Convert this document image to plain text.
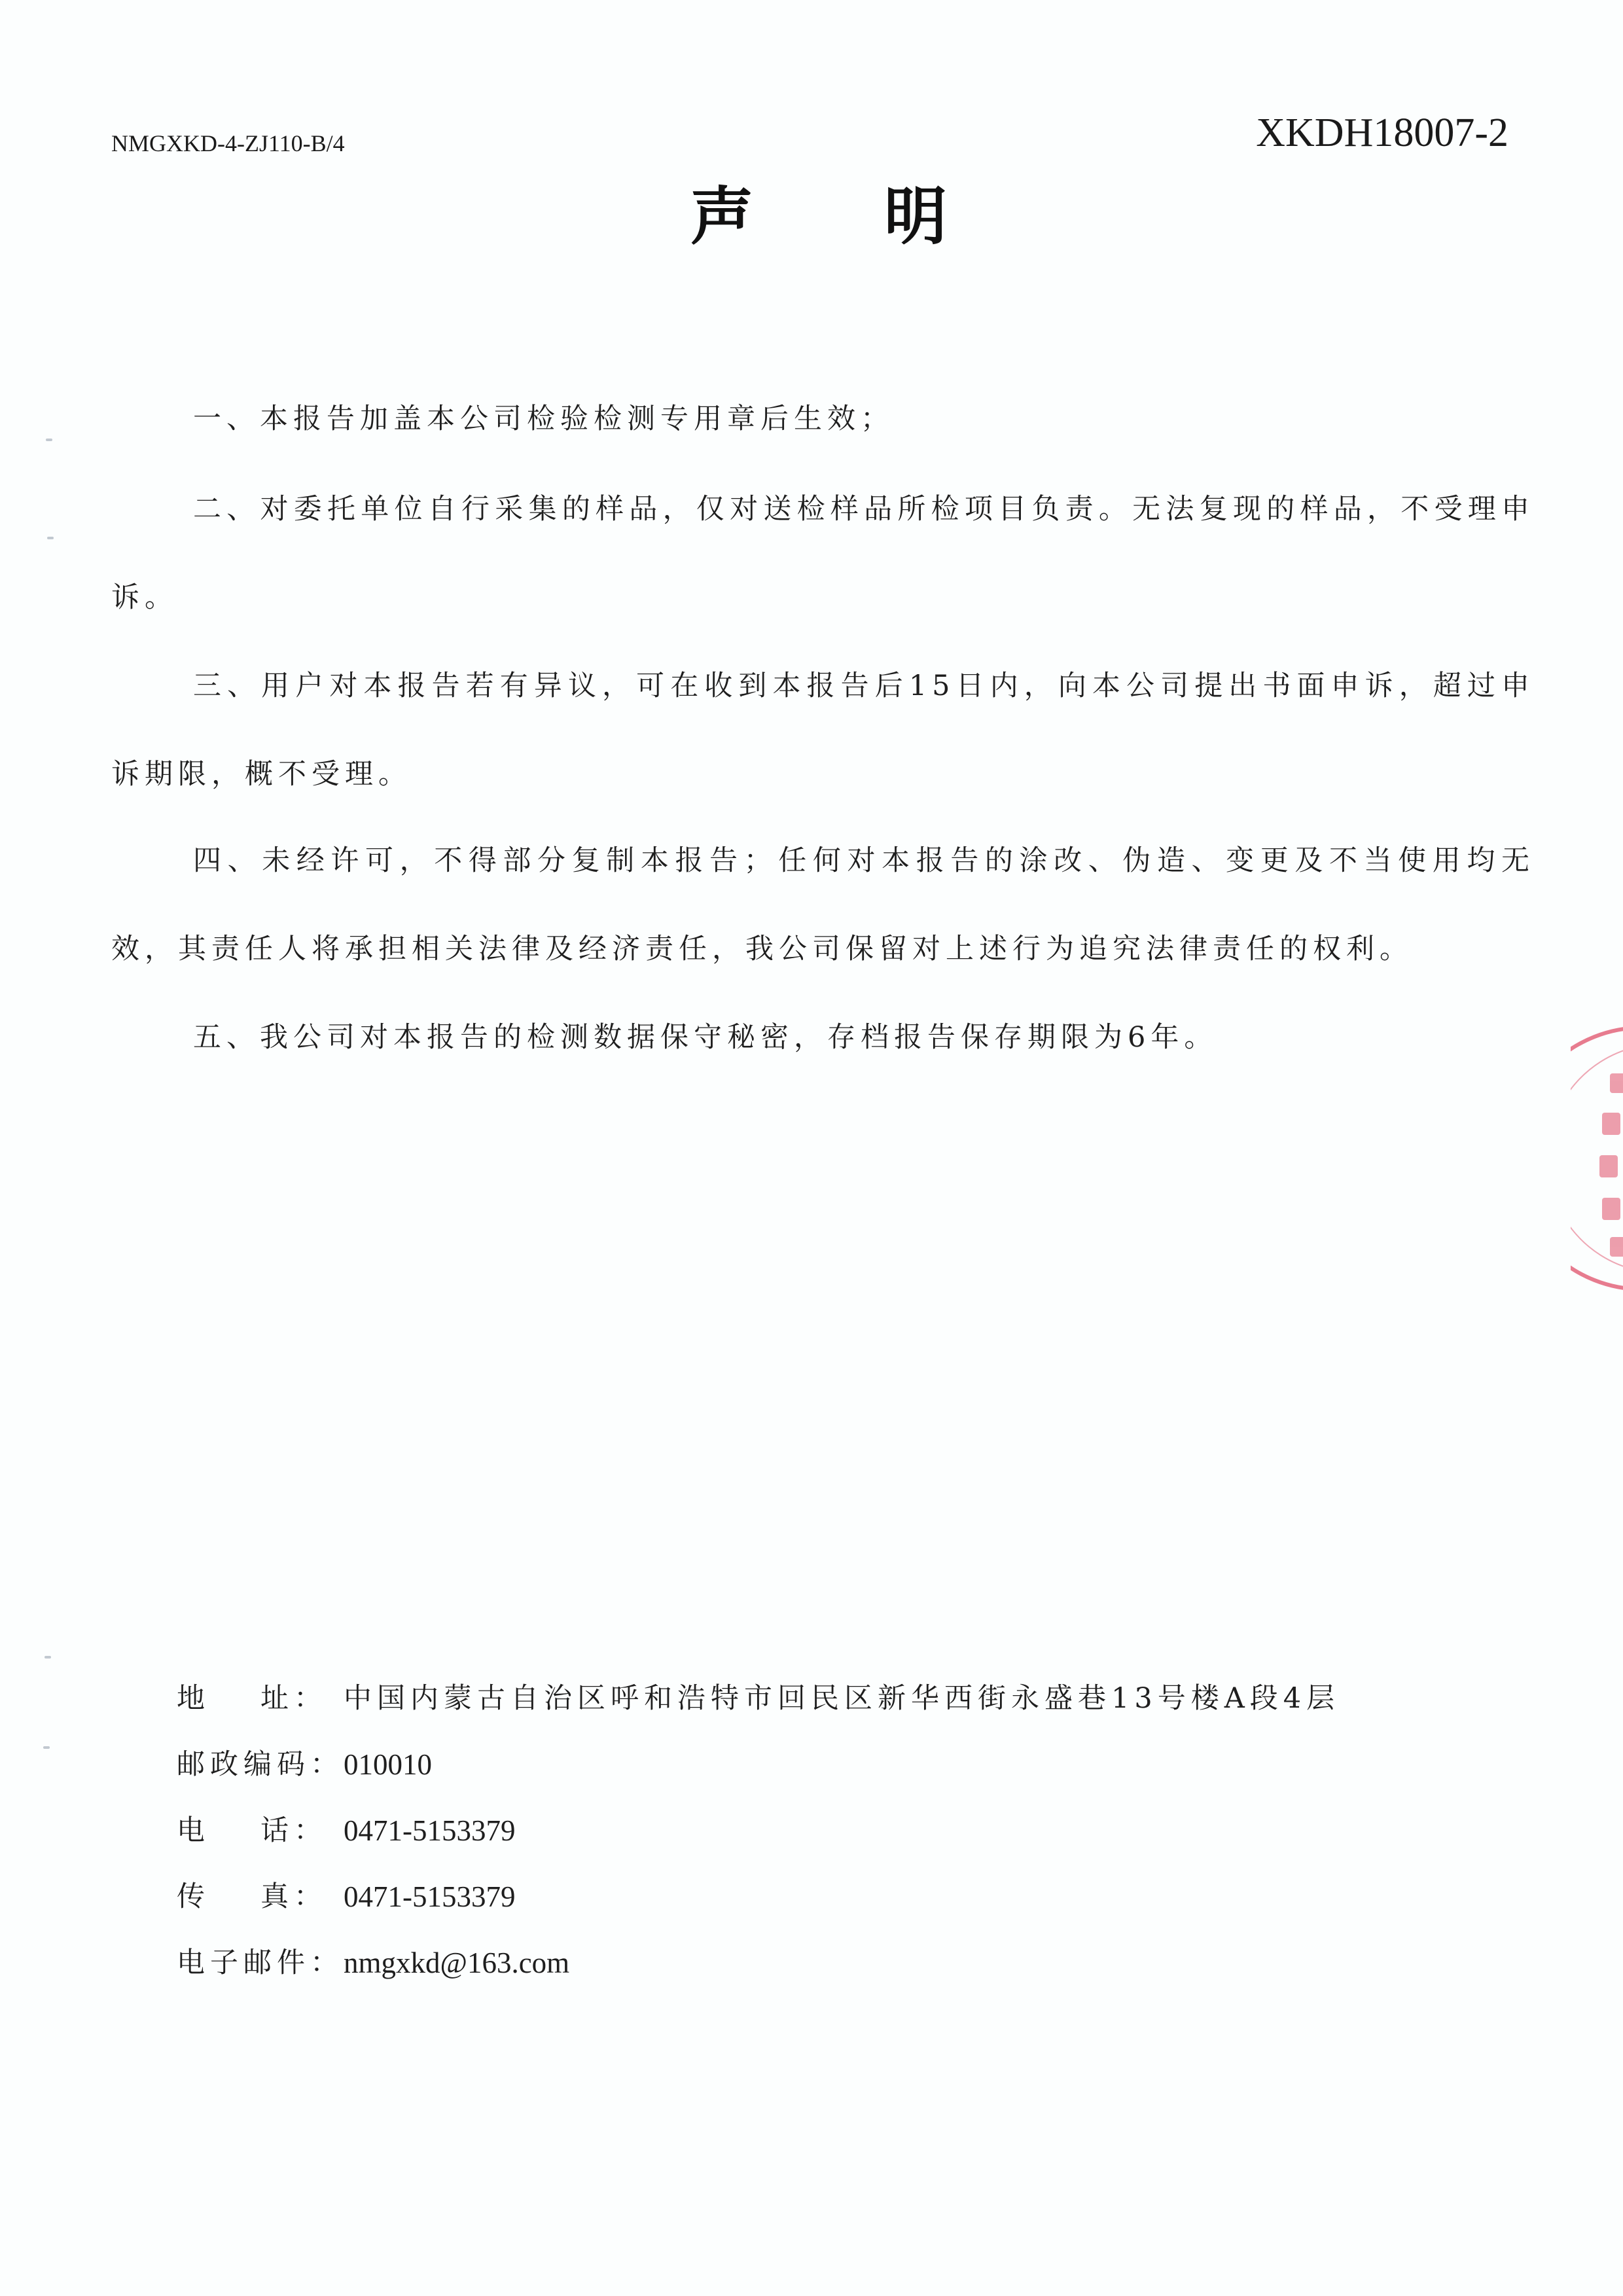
NMGXKD-4-ZJ110-B/4	XKDH18007-2
声明

一、本报告加盖本公司检验检测专用章后生效；

二、对委托单位自行采集的样品，仅对送检样品所检项目负责。无法复现的样品，不受理申诉。

三、用户对本报告若有异议，可在收到本报告后15日内，向本公司提出书面申诉，超过申诉期限，概不受理。

四、未经许可，不得部分复制本报告；任何对本报告的涂改、伪造、变更及不当使用均无效，其责任人将承担相关法律及经济责任，我公司保留对上述行为追究法律责任的权利。

五、我公司对本报告的检测数据保守秘密，存档报告保存期限为6年。

地 址： 中国内蒙古自治区呼和浩特市回民区新华西街永盛巷13号楼A段4层
邮政编码： 010010
电 话： 0471-5153379
传 真： 0471-5153379
电子邮件： nmgxkd@163.com
